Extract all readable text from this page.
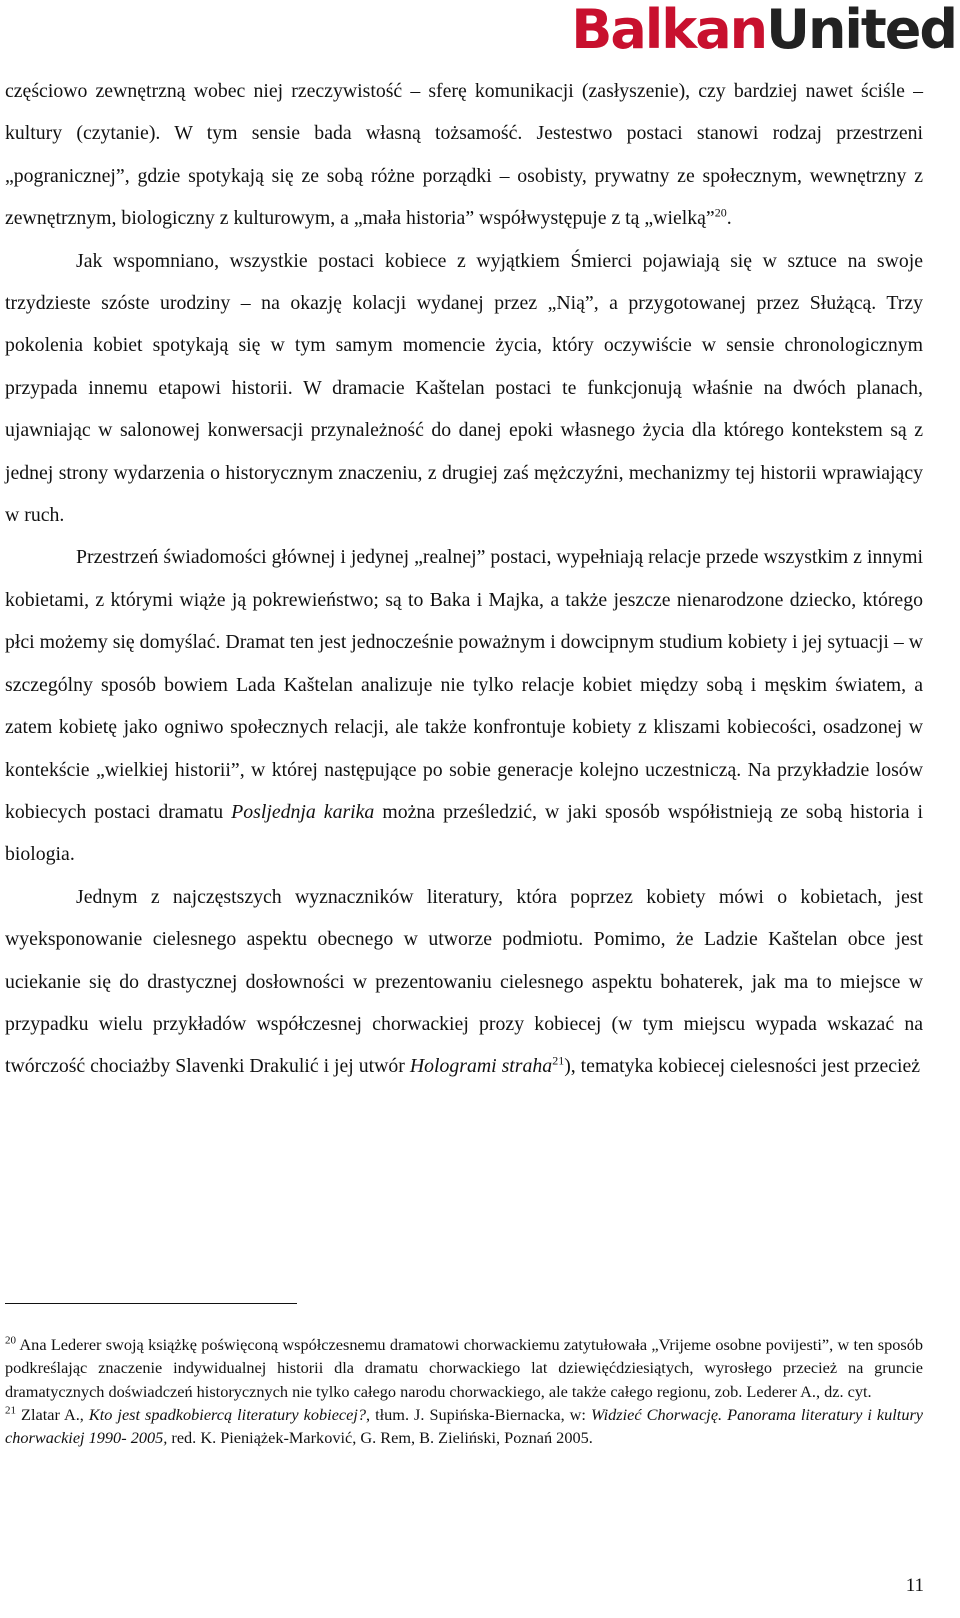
BalkanUnited

częściowo zewnętrzną wobec niej rzeczywistość – sferę komunikacji (zasłyszenie), czy bardziej nawet ściśle – kultury (czytanie). W tym sensie bada własną tożsamość. Jestestwo postaci stanowi rodzaj przestrzeni „pogranicznej”, gdzie spotykają się ze sobą różne porządki – osobisty, prywatny ze społecznym, wewnętrzny z zewnętrznym, biologiczny z kulturowym, a „mała historia” współwystępuje z tą „wielką”$^{20}$.

Jak wspomniano, wszystkie postaci kobiece z wyjątkiem Śmierci pojawiają się w sztuce na swoje trzydzieste szóste urodziny – na okazję kolacji wydanej przez „Nią”, a przygotowanej przez Służącą. Trzy pokolenia kobiet spotykają się w tym samym momencie życia, który oczywiście w sensie chronologicznym przypada innemu etapowi historii. W dramacie Kaštelan postaci te funkcjonują właśnie na dwóch planach, ujawniając w salonowej konwersacji przynależność do danej epoki własnego życia dla którego kontekstem są z jednej strony wydarzenia o historycznym znaczeniu, z drugiej zaś mężczyźni, mechanizmy tej historii wprawiający w ruch.

Przestrzeń świadomości głównej i jedynej „realnej” postaci, wypełniają relacje przede wszystkim z innymi kobietami, z którymi wiąże ją pokrewieństwo; są to Baka i Majka, a także jeszcze nienarodzone dziecko, którego płci możemy się domyślać. Dramat ten jest jednocześnie poważnym i dowcipnym studium kobiety i jej sytuacji – w szczególny sposób bowiem Lada Kaštelan analizuje nie tylko relacje kobiet między sobą i męskim światem, a zatem kobietę jako ogniwo społecznych relacji, ale także konfrontuje kobiety z kliszami kobiecości, osadzonej w kontekście „wielkiej historii”, w której następujące po sobie generacje kolejno uczestniczą. Na przykładzie losów kobiecych postaci dramatu Posljednja karika można prześledzić, w jaki sposób współistnieją ze sobą historia i biologia.

Jednym z najczęstszych wyznaczników literatury, która poprzez kobiety mówi o kobietach, jest wyeksponowanie cielesnego aspektu obecnego w utworze podmiotu. Pomimo, że Ladzie Kaštelan obce jest uciekanie się do drastycznej dosłowności w prezentowaniu cielesnego aspektu bohaterek, jak ma to miejsce w przypadku wielu przykładów współczesnej chorwackiej prozy kobiecej (w tym miejscu wypada wskazać na twórczość chociażby Slavenki Drakulić i jej utwór Hologrami straha$^{21}$), tematyka kobiecej cielesności jest przecież

$^{20}$ Ana Lederer swoją książkę poświęconą współczesnemu dramatowi chorwackiemu zatytułowała „Vrijeme osobne povijesti”, w ten sposób podkreślając znaczenie indywidualnej historii dla dramatu chorwackiego lat dziewięćdziesiątych, wyrosłego przecież na gruncie dramatycznych doświadczeń historycznych nie tylko całego narodu chorwackiego, ale także całego regionu, zob. Lederer A., dz. cyt.

$^{21}$ Zlatar A., Kto jest spadkobiercą literatury kobiecej?, tłum. J. Supińska-Biernacka, w: Widzieć Chorwację. Panorama literatury i kultury chorwackiej 1990- 2005, red. K. Pieniążek-Marković, G. Rem, B. Zieliński, Poznań 2005.

11
